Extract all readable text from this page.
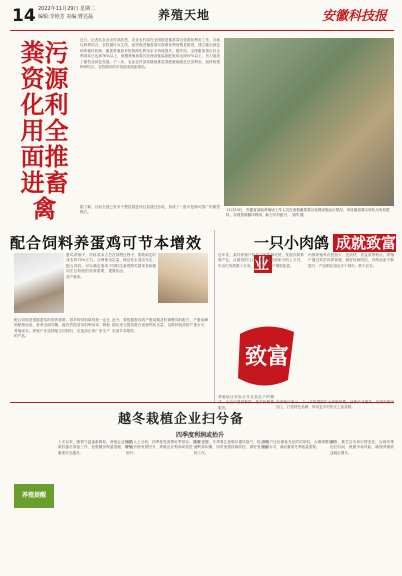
14 2022年11月29日 星期二
编辑:李艳芳 美编:曹达磊	养殖天地	安徽科技报
粪污资源化利用全面推进畜禽
近日，记者从农业农村部获悉，农业农村部在全国推进畜禽粪污资源化利用工作，各地以种养结合、农牧循环为主线，加快推进畜禽粪污资源化利用整县推进，建立健全绿色种养循环机制，畜禽养殖废弃物资源化利用水平持续提升。据介绍，全国畜禽粪污综合利用率已达到76%以上，规模养殖场粪污处理设施装备配套率达到97%以上，有力促进了畜牧业绿色发展。下一步，农业农村部将继续推进粪肥就地就近还田利用，加快构建种养结合、农牧循环的可持续发展新格局。
据了解，目前全国已有多个整县推进项目县通过验收，形成了一批可复制可推广的典型模式。
11月23日，安徽省某地养殖场工作人员在查看畜禽粪污处理设施运行情况。该设施将粪污转化为有机肥料，实现资源循环利用，助力乡村振兴。 刘洋 摄
配合饲料养蛋鸡可节本增效
蛋鸡养殖中，饲料成本占总成本的70%左右。合理使用配合饲料，可以满足蛋鸡不同生长阶段的营养需要，提高产蛋率。
配合饲料是根据蛋鸡的营养需要，将多种饲料原料按一定比例配制而成，营养全面均衡，能有效提高饲料利用率，降低养殖成本。养殖户在选择配合饲料时，应选择正规厂家生产的产品。
在饲喂过程中，要做到定时定量，保证饮水清洁充足，同时注意观察鸡群采食和健康状况。
此外，要根据蛋鸡的产蛋周期及时调整饲料配方，产蛋高峰期应适当提高蛋白质和钙的含量，以维持较高的产蛋水平，实现节本增效。
一只小肉鸽 成就致富业
近年来，某村养殖户依托当地资源优势，发展肉鸽养殖产业，从最初的几百对种鸽发展到如今的上万对，年出栏肉鸽数十万羽，带动周边农户增收致富。
肉鸽养殖具有投资少、见效快、效益高等特点。养殖户通过科学饲养管理，做好疫病防控，肉鸽品质不断提升，产品销往周边多个城市，供不应求。
致富
养殖场还采取合作社加农户的模 服务。	加工，打造特色品牌，带动更多村民走上致富路。
越冬栽植企业扫兮备
四季度利润或抬升
养殖提醒
入冬以来，随着气温逐渐降低，养殖企业积极做好越冬准备工作，加强圈舍保温管理，确保畜禽安全越冬。
业内人士分析，四季度受消费旺季带动，畜禽产品价格有望回升，养殖企业利润或将进一步抬升。
专家提醒，冬季要注意做好通风换气，防止有害气体积累，同时加强疫病防控，做好免疫接种工作。
养殖户还应储备充足的饲草料，合理调整饲料营养水平，满足畜禽冬季能量需要。
此外，要关注市场行情变化，合理安排出栏时间，规避市场风险，确保养殖收益稳定增长。
